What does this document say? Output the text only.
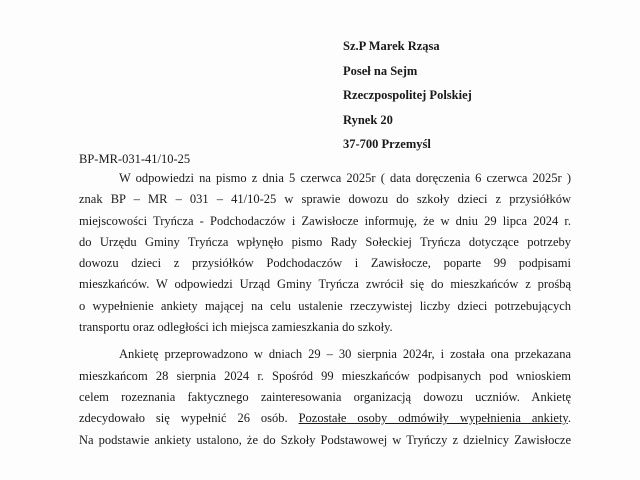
Sz.P Marek Rząsa
Poseł na Sejm
Rzeczpospolitej Polskiej
Rynek 20
37-700 Przemyśl
BP-MR-031-41/10-25

W odpowiedzi na pismo z dnia 5 czerwca 2025r ( data doręczenia 6 czerwca 2025r )

znak BP – MR – 031 – 41/10-25 w sprawie dowozu do szkoły dzieci z przysiółków

miejscowości Tryńcza - Podchodaczów i Zawisłocze informuję, że w dniu 29 lipca 2024 r.

do Urzędu Gminy Tryńcza wpłynęło pismo Rady Sołeckiej Tryńcza dotyczące potrzeby

dowozu dzieci z przysiółków Podchodaczów i Zawisłocze, poparte 99 podpisami

mieszkańców. W odpowiedzi Urząd Gminy Tryńcza zwrócił się do mieszkańców z prośbą

o wypełnienie ankiety mającej na celu ustalenie rzeczywistej liczby dzieci potrzebujących

transportu oraz odległości ich miejsca zamieszkania do szkoły.

Ankietę przeprowadzono w dniach 29 – 30 sierpnia 2024r, i została ona przekazana

mieszkańcom 28 sierpnia 2024 r. Spośród 99 mieszkańców podpisanych pod wnioskiem

celem rozeznania faktycznego zainteresowania organizacją dowozu uczniów. Ankietę

zdecydowało się wypełnić 26 osób. Pozostałe osoby odmówiły wypełnienia ankiety.

Na podstawie ankiety ustalono, że do Szkoły Podstawowej w Tryńczy z dzielnicy Zawisłocze
